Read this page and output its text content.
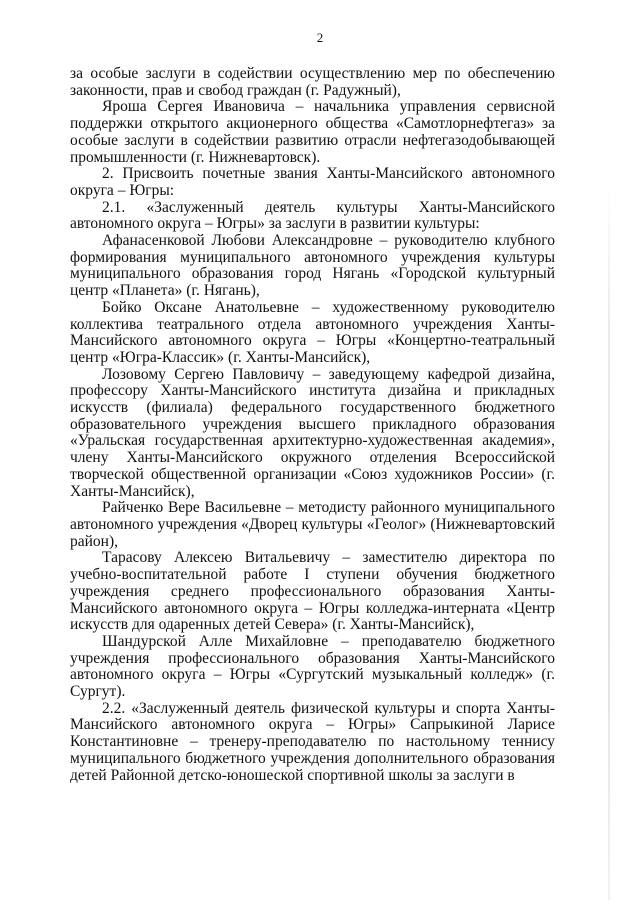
2

за особые заслуги в содействии осуществлению мер по обеспечению законности, прав и свобод граждан (г. Радужный),

Яроша Сергея Ивановича – начальника управления сервисной поддержки открытого акционерного общества «Самотлорнефтегаз» за особые заслуги в содействии развитию отрасли нефтегазодобывающей промышленности (г. Нижневартовск).

2. Присвоить почетные звания Ханты-Мансийского автономного округа – Югры:

2.1. «Заслуженный деятель культуры Ханты-Мансийского автономного округа – Югры» за заслуги в развитии культуры:

Афанасенковой Любови Александровне – руководителю клубного формирования муниципального автономного учреждения культуры муниципального образования город Нягань «Городской культурный центр «Планета» (г. Нягань),

Бойко Оксане Анатольевне – художественному руководителю коллектива театрального отдела автономного учреждения Ханты-Мансийского автономного округа – Югры «Концертно-театральный центр «Югра-Классик» (г. Ханты-Мансийск),

Лозовому Сергею Павловичу – заведующему кафедрой дизайна, профессору Ханты-Мансийского института дизайна и прикладных искусств (филиала) федерального государственного бюджетного образовательного учреждения высшего прикладного образования «Уральская государственная архитектурно-художественная академия», члену Ханты-Мансийского окружного отделения Всероссийской творческой общественной организации «Союз художников России» (г. Ханты-Мансийск),

Райченко Вере Васильевне – методисту районного муниципального автономного учреждения «Дворец культуры «Геолог» (Нижневартовский район),

Тарасову Алексею Витальевичу – заместителю директора по учебно-воспитательной работе I ступени обучения бюджетного учреждения среднего профессионального образования Ханты-Мансийского автономного округа – Югры колледжа-интерната «Центр искусств для одаренных детей Севера» (г. Ханты-Мансийск),

Шандурской Алле Михайловне – преподавателю бюджетного учреждения профессионального образования Ханты-Мансийского автономного округа – Югры «Сургутский музыкальный колледж» (г. Сургут).

2.2. «Заслуженный деятель физической культуры и спорта Ханты-Мансийского автономного округа – Югры» Сапрыкиной Ларисе Константиновне – тренеру-преподавателю по настольному теннису муниципального бюджетного учреждения дополнительного образования детей Районной детско-юношеской спортивной школы за заслуги в
